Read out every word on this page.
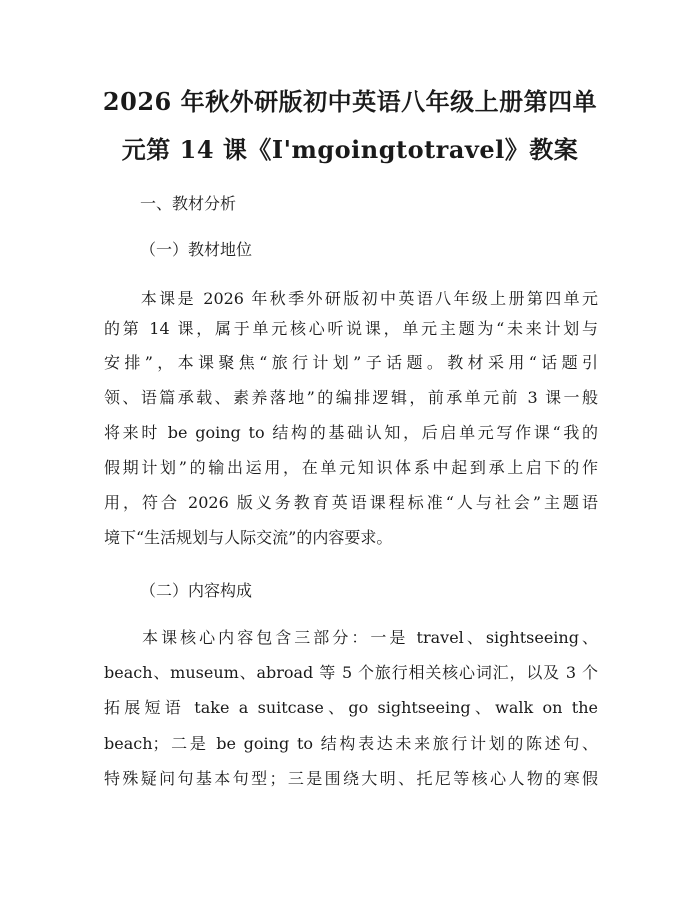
2026 年秋外研版初中英语八年级上册第四单
元第 14 课《I'mgoingtotravel》教案
一、教材分析
（一）教材地位
　　本课是 2026 年秋季外研版初中英语八年级上册第四单元
的第 14 课，属于单元核心听说课，单元主题为“未来计划与
安排”，本课聚焦“旅行计划”子话题。教材采用“话题引
领、语篇承载、素养落地”的编排逻辑，前承单元前 3 课一般
将来时 be going to 结构的基础认知，后启单元写作课“我的
假期计划”的输出运用，在单元知识体系中起到承上启下的作
用，符合 2026 版义务教育英语课程标准“人与社会”主题语
境下“生活规划与人际交流”的内容要求。
（二）内容构成
　　本课核心内容包含三部分：一是 travel、sightseeing、
beach、museum、abroad 等 5 个旅行相关核心词汇，以及 3 个
拓展短语 take a suitcase、go sightseeing、walk on the
beach；二是 be going to 结构表达未来旅行计划的陈述句、
特殊疑问句基本句型；三是围绕大明、托尼等核心人物的寒假
